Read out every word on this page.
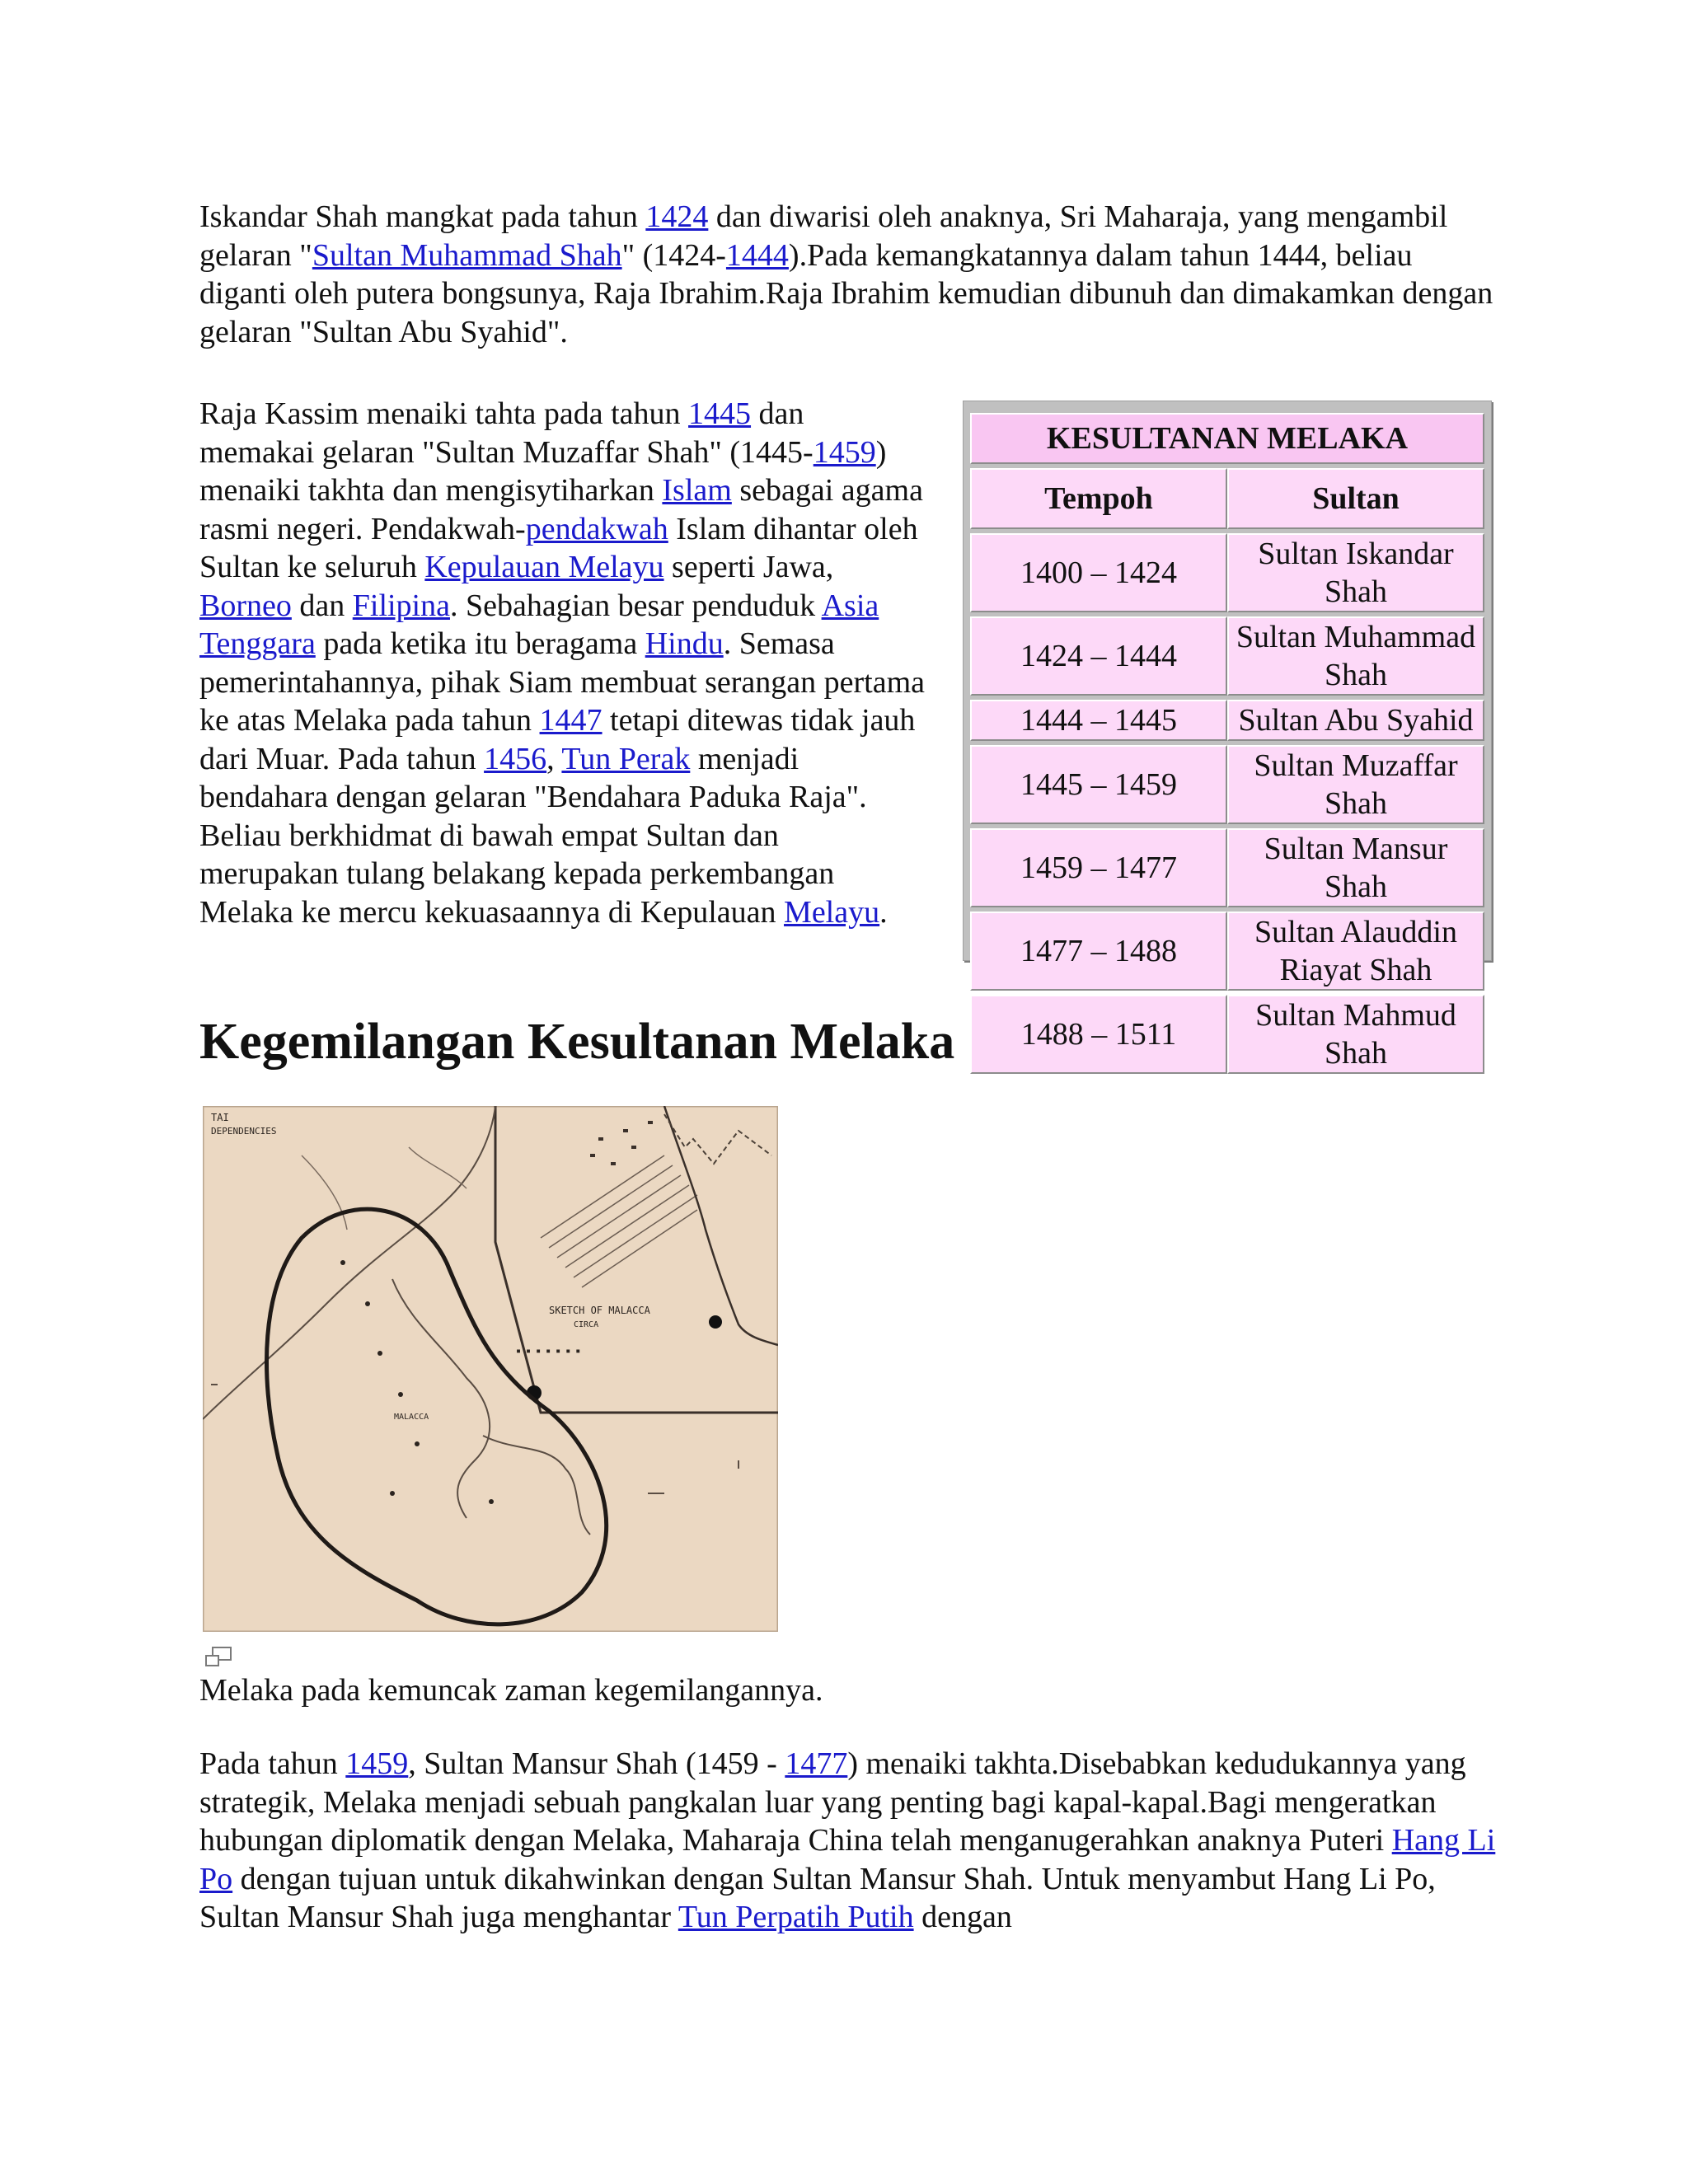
Iskandar Shah mangkat pada tahun 1424 dan diwarisi oleh anaknya, Sri Maharaja, yang mengambil gelaran "Sultan Muhammad Shah" (1424-1444).Pada kemangkatannya dalam tahun 1444, beliau diganti oleh putera bongsunya, Raja Ibrahim.Raja Ibrahim kemudian dibunuh dan dimakamkan dengan gelaran "Sultan Abu Syahid".

Raja Kassim menaiki tahta pada tahun 1445 dan memakai gelaran "Sultan Muzaffar Shah" (1445-1459) menaiki takhta dan mengisytiharkan Islam sebagai agama rasmi negeri. Pendakwah-pendakwah Islam dihantar oleh Sultan ke seluruh Kepulauan Melayu seperti Jawa, Borneo dan Filipina. Sebahagian besar penduduk Asia Tenggara pada ketika itu beragama Hindu. Semasa pemerintahannya, pihak Siam membuat serangan pertama ke atas Melaka pada tahun 1447 tetapi ditewas tidak jauh dari Muar. Pada tahun 1456, Tun Perak menjadi bendahara dengan gelaran "Bendahara Paduka Raja". Beliau berkhidmat di bawah empat Sultan dan merupakan tulang belakang kepada perkembangan Melaka ke mercu kekuasaannya di Kepulauan Melayu.

KESULTANAN MELAKA	
Tempoh	Sultan
1400 – 1424	Sultan Iskandar Shah
1424 – 1444	Sultan Muhammad Shah
1444 – 1445	Sultan Abu Syahid
1445 – 1459	Sultan Muzaffar Shah
1459 – 1477	Sultan Mansur Shah
1477 – 1488	Sultan Alauddin Riayat Shah
1488 – 1511	Sultan Mahmud Shah
Kegemilangan Kesultanan Melaka
SKETCH OF MALACCA
CIRCA
▪ ▪ ▪ ▪ ▪ ▪ ▪
TAI
DEPENDENCIES
MALACCA

Melaka pada kemuncak zaman kegemilangannya.

Pada tahun 1459, Sultan Mansur Shah (1459 - 1477) menaiki takhta.Disebabkan kedudukannya yang strategik, Melaka menjadi sebuah pangkalan luar yang penting bagi kapal-kapal.Bagi mengeratkan hubungan diplomatik dengan Melaka, Maharaja China telah menganugerahkan anaknya Puteri Hang Li Po dengan tujuan untuk dikahwinkan dengan Sultan Mansur Shah. Untuk menyambut Hang Li Po, Sultan Mansur Shah juga menghantar Tun Perpatih Putih dengan
